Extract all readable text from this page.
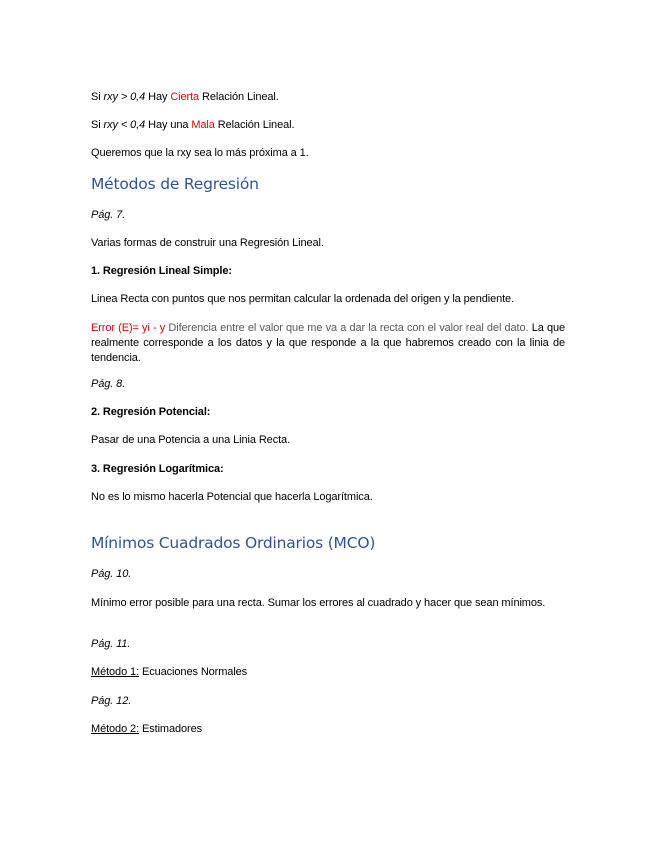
Si rxy > 0,4 Hay Cierta Relación Lineal.
Si rxy < 0,4 Hay una Mala Relación Lineal.
Queremos que la rxy sea lo más próxima a 1.
Métodos de Regresión
Pág. 7.
Varias formas de construir una Regresión Lineal.
1. Regresión Lineal Simple:
Linea Recta con puntos que nos permitan calcular la ordenada del origen y la pendiente.
Error (E)= yi - y Diferencia entre el valor que me va a dar la recta con el valor real del dato. La que realmente corresponde a los datos y la que responde a la que habremos creado con la linia de tendencia.
Pág. 8.
2. Regresión Potencial:
Pasar de una Potencia a una Linia Recta.
3. Regresión Logarítmica:
No es lo mismo hacerla Potencial que hacerla Logarítmica.
Mínimos Cuadrados Ordinarios (MCO)
Pág. 10.
Mínimo error posible para una recta. Sumar los errores al cuadrado y hacer que sean mínimos.
Pág. 11.
Método 1: Ecuaciones Normales
Pág. 12.
Método 2: Estimadores
